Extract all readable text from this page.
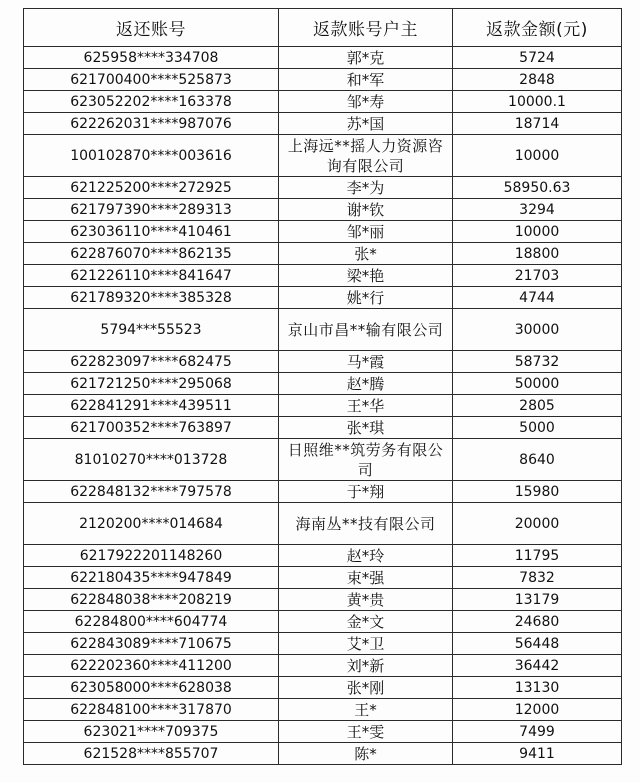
返还账号	返款账号户主	返款金额(元)
625958****334708	郭*克	5724
621700400****525873	和*军	2848
623052202****163378	邹*寿	10000.1
622262031****987076	苏*国	18714
100102870****003616	上海远**摇人力资源咨询有限公司	10000
621225200****272925	李*为	58950.63
621797390****289313	谢*钦	3294
623036110****410461	邹*丽	10000
622876070****862135	张*	18800
621226110****841647	梁*艳	21703
621789320****385328	姚*行	4744
5794***55523	京山市昌**输有限公司	30000
622823097****682475	马*霞	58732
621721250****295068	赵*腾	50000
622841291****439511	王*华	2805
621700352****763897	张*琪	5000
81010270****013728	日照维**筑劳务有限公司	8640
622848132****797578	于*翔	15980
2120200****014684	海南丛**技有限公司	20000
6217922201148260	赵*玲	11795
622180435****947849	束*强	7832
622848038****208219	黄*贵	13179
62284800****604774	金*文	24680
622843089****710675	艾*卫	56448
622202360****411200	刘*新	36442
623058000****628038	张*刚	13130
622848100****317870	王*	12000
623021****709375	王*雯	7499
621528****855707	陈*	9411
